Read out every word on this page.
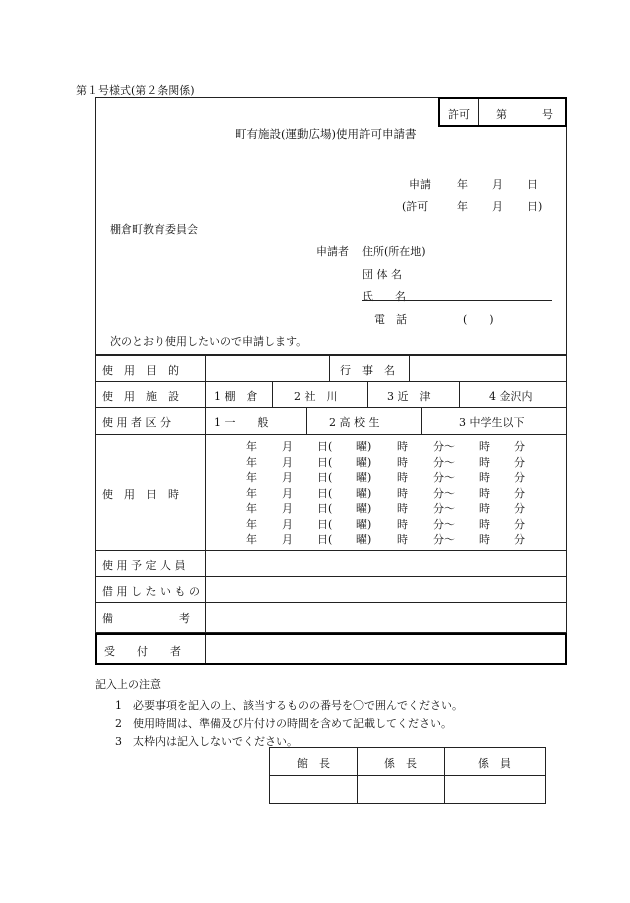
第１号様式(第２条関係)
許可 第	号
町有施設(運動広場)使用許可申請書
申請 年 月 日
(許可	年 月 日)
棚倉町教育委員会
申請者 住所(所在地)
団 体 名
氏　　名
電　話	(　　)
次のとおり使用したいので申請します。
使　用　目　的	行　事　名
使　用　施　設	1 棚　倉	2 社　川	3 近　津	4 金沢内
使 用 者 区 分	1 一　　般	2 高 校 生	3 中学生以下
使　用　日　時
年 月 日( 曜) 時 分〜 時 分
年 月 日( 曜) 時 分〜 時 分
年 月 日( 曜) 時 分〜 時 分
年 月 日( 曜) 時 分〜 時 分
年 月 日( 曜) 時 分〜 時 分
年 月 日( 曜) 時 分〜 時 分
年 月 日( 曜) 時 分〜 時 分
使 用 予 定 人 員
借 用 し た い も の
備　　　　　　考
受　　付　　者
記入上の注意
1　必要事項を記入の上、該当するものの番号を〇で囲んでください。
2　使用時間は、準備及び片付けの時間を含めて記載してください。
3　太枠内は記入しないでください。
館　長	係　長	係　員
